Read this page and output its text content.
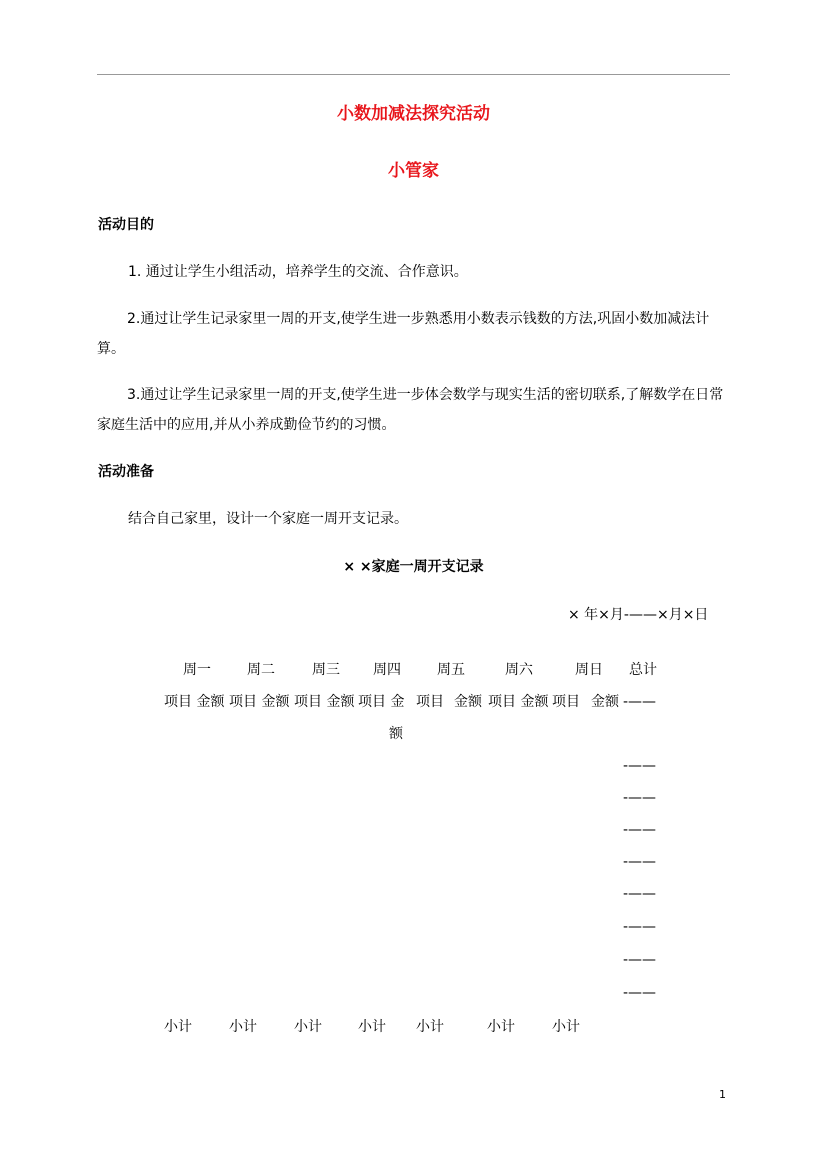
小数加减法探究活动
小管家
活动目的
1. 通过让学生小组活动，培养学生的交流、合作意识。
2.通过让学生记录家里一周的开支,使学生进一步熟悉用小数表示钱数的方法,巩固小数加减法计算。
3.通过让学生记录家里一周的开支,使学生进一步体会数学与现实生活的密切联系,了解数学在日常家庭生活中的应用,并从小养成勤俭节约的习惯。
活动准备
结合自己家里，设计一个家庭一周开支记录。
× ×家庭一周开支记录
× 年×月-——×月×日
周一	周二	周三 周四	周五	周六	周日 总计
项目 金额 项目 金额 项目 金额 项目 金 项目 金额 项目 金额 项目 金额 -——
额
-——
-——
-——
-——
-——
-——
-——
-——
小计	小计	小计	小计 小计	小计	小计
1
